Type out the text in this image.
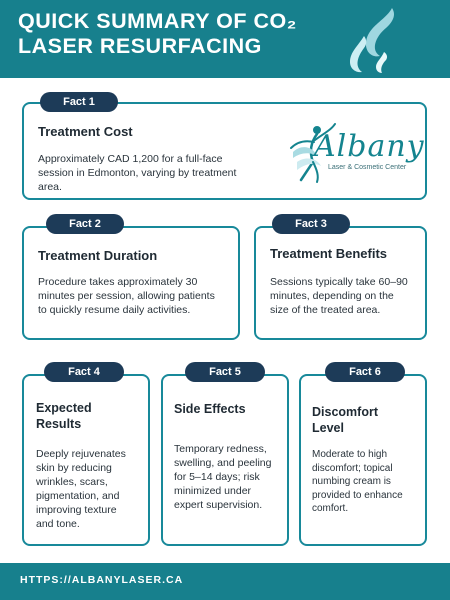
QUICK SUMMARY OF CO₂
LASER RESURFACING
Fact 1
Treatment Cost
Approximately CAD 1,200 for a full-face
session in Edmonton, varying by treatment
area.
Albany
Laser & Cosmetic Center
Fact 2
Treatment Duration
Procedure takes approximately 30
minutes per session, allowing patients
to quickly resume daily activities.
Fact 3
Treatment Benefits
Sessions typically take 60–90
minutes, depending on the
size of the treated area.
Fact 4
Expected
Results
Deeply rejuvenates
skin by reducing
wrinkles, scars,
pigmentation, and
improving texture
and tone.
Fact 5
Side Effects
Temporary redness,
swelling, and peeling
for 5–14 days; risk
minimized under
expert supervision.
Fact 6
Discomfort
Level
Moderate to high
discomfort; topical
numbing cream is
provided to enhance
comfort.
HTTPS://ALBANYLASER.CA
